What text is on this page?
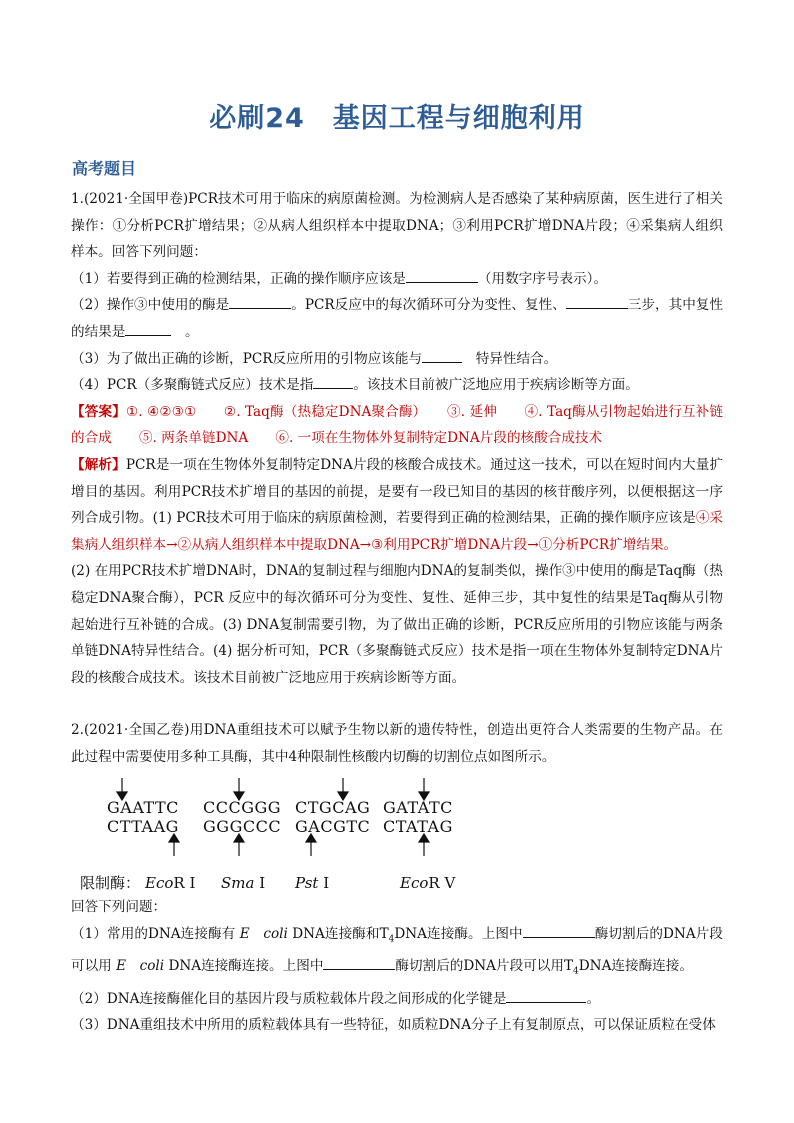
必刷24　基因工程与细胞利用
高考题目

1.(2021·全国甲卷)PCR技术可用于临床的病原菌检测。为检测病人是否感染了某种病原菌，医生进行了相关操作：①分析PCR扩增结果；②从病人组织样本中提取DNA；③利用PCR扩增DNA片段；④采集病人组织样本。回答下列问题：

（1）若要得到正确的检测结果，正确的操作顺序应该是	（用数字序号表示）。

（2）操作③中使用的酶是	。PCR反应中的每次循环可分为变性、复性、	三步，其中复性的结果是　	。

（3）为了做出正确的诊断，PCR反应所用的引物应该能与　	特异性结合。

（4）PCR（多聚酶链式反应）技术是指	。该技术目前被广泛地应用于疾病诊断等方面。

【答案】①. ④②③①　　②. Taq酶（热稳定DNA聚合酶）　　③. 延伸　　④. Taq酶从引物起始进行互补链的合成　　⑤. 两条单链DNA　　⑥. 一项在生物体外复制特定DNA片段的核酸合成技术

【解析】PCR是一项在生物体外复制特定DNA片段的核酸合成技术。通过这一技术，可以在短时间内大量扩增目的基因。利用PCR技术扩增目的基因的前提，是要有一段已知目的基因的核苷酸序列，以便根据这一序列合成引物。(1) PCR技术可用于临床的病原菌检测，若要得到正确的检测结果，正确的操作顺序应该是④采集病人组织样本→②从病人组织样本中提取DNA→③利用PCR扩增DNA片段→①分析PCR扩增结果。

(2) 在用PCR技术扩增DNA时，DNA的复制过程与细胞内DNA的复制类似，操作③中使用的酶是Taq酶（热稳定DNA聚合酶），PCR 反应中的每次循环可分为变性、复性、延伸三步，其中复性的结果是Taq酶从引物起始进行互补链的合成。(3) DNA复制需要引物，为了做出正确的诊断，PCR反应所用的引物应该能与两条单链DNA特异性结合。(4) 据分析可知，PCR（多聚酶链式反应）技术是指一项在生物体外复制特定DNA片段的核酸合成技术。该技术目前被广泛地应用于疾病诊断等方面。

2.(2021·全国乙卷)用DNA重组技术可以赋予生物以新的遗传特性，创造出更符合人类需要的生物产品。在此过程中需要使用多种工具酶，其中4种限制性核酸内切酶的切割位点如图所示。

GAATTC
CTTAAG
CCCGGG
GGGCCC
CTGCAG
GACGTC
GATATC
CTATAG
限制酶： EcoR I Sma I Pst I	EcoR V

回答下列问题：

（1）常用的DNA连接酶有 E　coli DNA连接酶和$T_4DNA$连接酶。上图中	酶切割后的DNA片段可以用 E　coli DNA连接酶连接。上图中	酶切割后的DNA片段可以用$T_4DNA$连接酶连接。

（2）DNA连接酶催化目的基因片段与质粒载体片段之间形成的化学键是	。

（3）DNA重组技术中所用的质粒载体具有一些特征，如质粒DNA分子上有复制原点，可以保证质粒在受体
